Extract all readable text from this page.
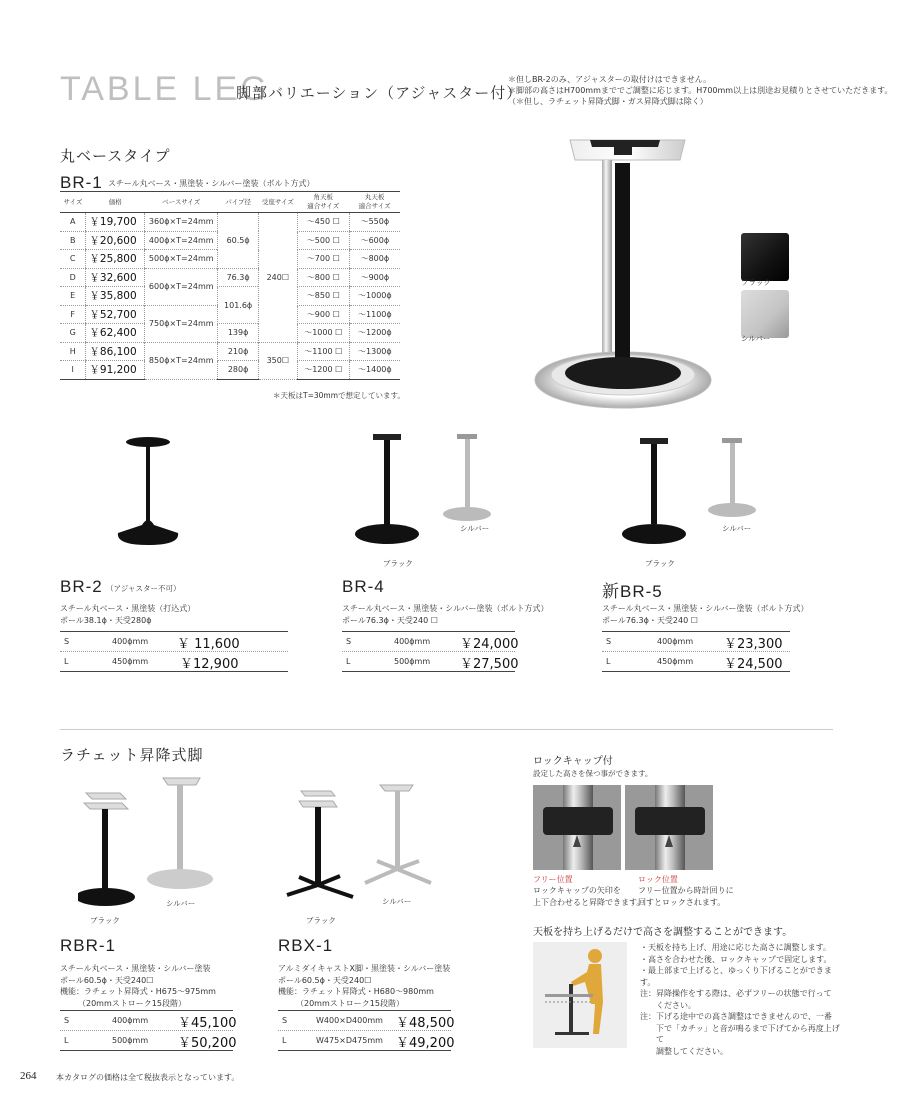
TABLE LEG
脚部バリエーション（アジャスター付）
＊但しBR-2のみ、アジャスターの取付けはできません。
＊脚部の高さはH700mmまででご調整に応じます。H700mm以上は別途お見積りとさせていただきます。
（＊但し、ラチェット昇降式脚・ガス昇降式脚は除く）
丸ベースタイプ
BR-1 スチール丸ベース・黒塗装・シルバー塗装（ボルト方式）
サイズ	価格	ベースサイズ	パイプ径	受座サイズ	角天板
適合サイズ	丸天板
適合サイズ
A	￥19,700	360ϕ×T=24mm	60.5ϕ	240☐	～450 ☐	～550ϕ
B	￥20,600	400ϕ×T=24mm			～500 ☐	～600ϕ
C	￥25,800	500ϕ×T=24mm			～700 ☐	～800ϕ
D	￥32,600	600ϕ×T=24mm	76.3ϕ		～800 ☐	～900ϕ
E	￥35,800		101.6ϕ		～850 ☐	～1000ϕ
F	￥52,700	750ϕ×T=24mm			～900 ☐	～1100ϕ
G	￥62,400		139ϕ		～1000 ☐	～1200ϕ
H	￥86,100	850ϕ×T=24mm	210ϕ	350☐	～1100 ☐	～1300ϕ
I	￥91,200		280ϕ		～1200 ☐	～1400ϕ
＊天板はT=30mmで想定しています。
ブラック
シルバー
ブラック
シルバー
ブラック
シルバー
BR-2 （アジャスター不可）
スチール丸ベース・黒塗装（打込式）
ポール38.1ϕ・天受280ϕ
S	400ϕmm ￥ 11,600
L	450ϕmm ￥12,900
BR-4
スチール丸ベース・黒塗装・シルバー塗装（ボルト方式）
ポール76.3ϕ・天受240 ☐
S	400ϕmm ￥24,000
L	500ϕmm ￥27,500
新BR-5
スチール丸ベース・黒塗装・シルバー塗装（ボルト方式）
ポール76.3ϕ・天受240 ☐
S	400ϕmm ￥23,300
L	450ϕmm ￥24,500
ラチェット昇降式脚
ブラック
シルバー
ブラック
シルバー
RBR-1
スチール丸ベース・黒塗装・シルバー塗装
ポール60.5ϕ・天受240☐
機能：ラチェット昇降式・H675～975mm
（20mmストローク15段階）
S	400ϕmm ￥45,100
L	500ϕmm ￥50,200
RBX-1
アルミダイキャストX脚・黒塗装・シルバー塗装
ポール60.5ϕ・天受240☐
機能：ラチェット昇降式・H680～980mm
（20mmストローク15段階）
S	W400×D400mm ￥48,500
L	W475×D475mm ￥49,200
ロックキャップ付
設定した高さを保つ事ができます。
フリー位置
ロックキャップの矢印を
上下合わせると昇降できます。
ロック位置
フリー位置から時計回りに
回すとロックされます。
天板を持ち上げるだけで高さを調整することができます。
・天板を持ち上げ、用途に応じた高さに調整します。
・高さを合わせた後、ロックキャップで固定します。
・最上部まで上げると、ゆっくり下げることができます。
注：昇降操作をする際は、必ずフリーの状態で行って
ください。
注：下げる途中での高さ調整はできませんので、一番
下で「カチッ」と音が鳴るまで下げてから再度上げて
調整してください。
264 本カタログの価格は全て税抜表示となっています。
